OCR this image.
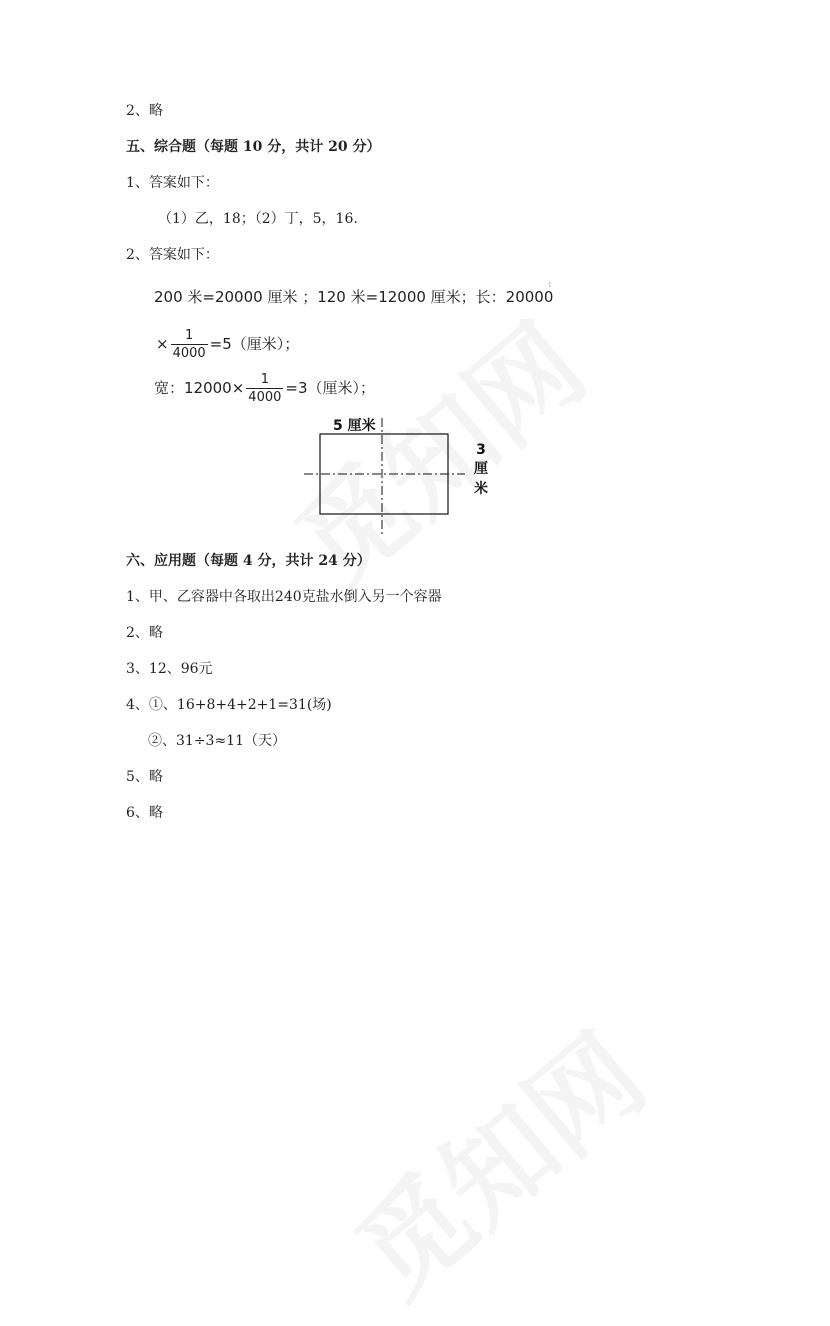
2、略
五、综合题（每题 10 分，共计 20 分）
1、答案如下：
（1）乙，18；（2）丁，5，16.
2、答案如下：
200 米=20000 厘米 ；120 米=12000 厘米；长：20000
1
× $\frac{1}{4000} =5$（厘米）；
宽：$12000\times \frac{1}{4000} =3$（厘米）；
5 厘米
3
厘
米
六、应用题（每题 4 分，共计 24 分）
1、甲、乙容器中各取出240克盐水倒入另一个容器
2、略
3、12、96元
4、①、16+8+4+2+1=31(场)
②、31÷3≈11（天）
5、略
6、略
